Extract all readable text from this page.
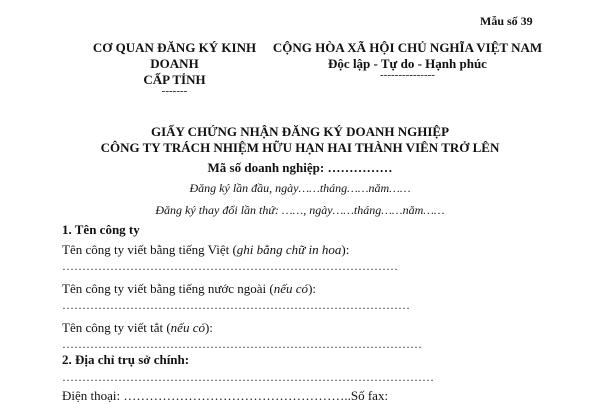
Mẫu số 39
CƠ QUAN ĐĂNG KÝ KINH
DOANH
CẤP TỈNH
-------
CỘNG HÒA XÃ HỘI CHỦ NGHĨA VIỆT NAM
Độc lập - Tự do - Hạnh phúc
---------------
GIẤY CHỨNG NHẬN ĐĂNG KÝ DOANH NGHIỆP
CÔNG TY TRÁCH NHIỆM HỮU HẠN HAI THÀNH VIÊN TRỞ LÊN
Mã số doanh nghiệp: ……………
Đăng ký lần đầu, ngày……tháng……năm……
Đăng ký thay đổi lần thứ: ……, ngày……tháng……năm……
1. Tên công ty
Tên công ty viết bằng tiếng Việt (ghi bằng chữ in hoa):
…………………………………………………………………………
Tên công ty viết bằng tiếng nước ngoài (nếu có):
……………………………………………………………………………
Tên công ty viết tắt (nếu có):
………………………………………………………………………………
2. Địa chỉ trụ sở chính:
…………………………………………………………………………………
Điện thoại: ……………………………………………..Số fax:
